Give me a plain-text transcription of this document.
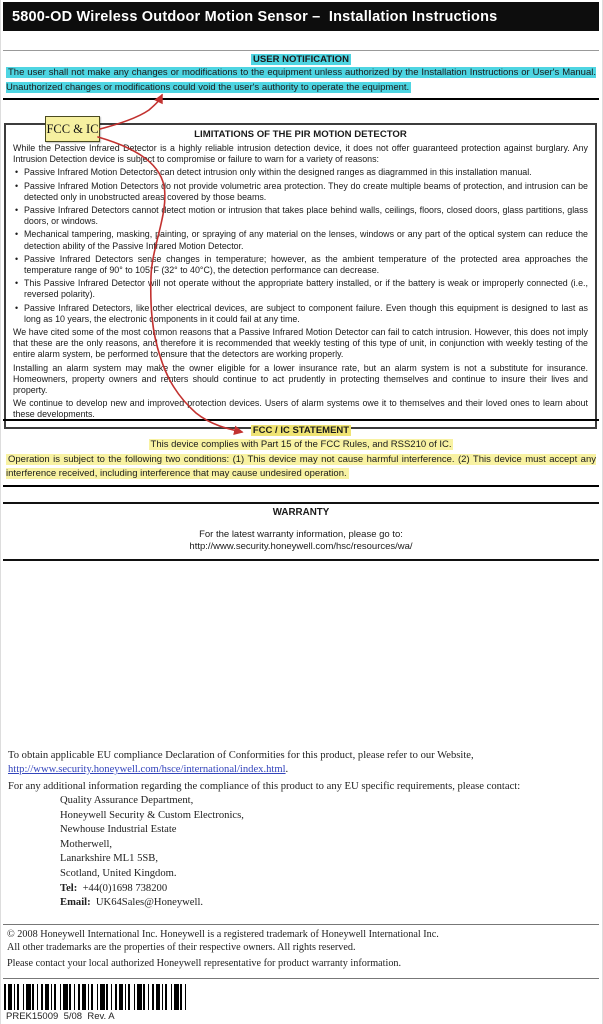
5800-OD Wireless Outdoor Motion Sensor –  Installation Instructions
USER NOTIFICATION
The user shall not make any changes or modifications to the equipment unless authorized by the Installation Instructions or User's Manual. Unauthorized changes or modifications could void the user's authority to operate the equipment.
LIMITATIONS OF THE PIR MOTION DETECTOR

While the Passive Infrared Detector is a highly reliable intrusion detection device, it does not offer guaranteed protection against burglary. Any Intrusion Detection device is subject to compromise or failure to warn for a variety of reasons:

• Passive Infrared Motion Detectors can detect intrusion only within the designed ranges as diagrammed in this installation manual.
• Passive Infrared Motion Detectors do not provide volumetric area protection. They do create multiple beams of protection, and intrusion can be detected only in unobstructed areas covered by those beams.
• Passive Infrared Detectors cannot detect motion or intrusion that takes place behind walls, ceilings, floors, closed doors, glass partitions, glass doors, or windows.
• Mechanical tampering, masking, painting, or spraying of any material on the lenses, windows or any part of the optical system can reduce the detection ability of the Passive Infrared Motion Detector.
• Passive Infrared Detectors sense changes in temperature; however, as the ambient temperature of the protected area approaches the temperature range of 90° to 105°F (32° to 40°C), the detection performance can decrease.
• This Passive Infrared Detector will not operate without the appropriate battery installed, or if the battery is weak or improperly connected (i.e., reversed polarity).
• Passive Infrared Detectors, like other electrical devices, are subject to component failure. Even though this equipment is designed to last as long as 10 years, the electronic components in it could fail at any time.

We have cited some of the most common reasons that a Passive Infrared Motion Detector can fail to catch intrusion. However, this does not imply that these are the only reasons, and therefore it is recommended that weekly testing of this type of unit, in conjunction with weekly testing of the entire alarm system, be performed to ensure that the detectors are working properly.

Installing an alarm system may make the owner eligible for a lower insurance rate, but an alarm system is not a substitute for insurance. Homeowners, property owners and renters should continue to act prudently in protecting themselves and continue to insure their lives and property.

We continue to develop new and improved protection devices. Users of alarm systems owe it to themselves and their loved ones to learn about these developments.

FCC / IC STATEMENT
This device complies with Part 15 of the FCC Rules, and RSS210 of IC.
Operation is subject to the following two conditions: (1) This device may not cause harmful interference. (2) This device must accept any interference received, including interference that may cause undesired operation.
WARRANTY
For the latest warranty information, please go to:
http://www.security.honeywell.com/hsc/resources/wa/
To obtain applicable EU compliance Declaration of Conformities for this product, please refer to our Website,
http://www.security.honeywell.com/hsce/international/index.html.
For any additional information regarding the compliance of this product to any EU specific requirements, please contact:
Quality Assurance Department,
Honeywell Security & Custom Electronics,
Newhouse Industrial Estate
Motherwell,
Lanarkshire ML1 5SB,
Scotland, United Kingdom.
Tel:  +44(0)1698 738200
Email:  UK64Sales@Honeywell.
© 2008 Honeywell International Inc. Honeywell is a registered trademark of Honeywell International Inc.
All other trademarks are the properties of their respective owners. All rights reserved.
Please contact your local authorized Honeywell representative for product warranty information.
PREK15009  5/08  Rev. A
FCC & IC
